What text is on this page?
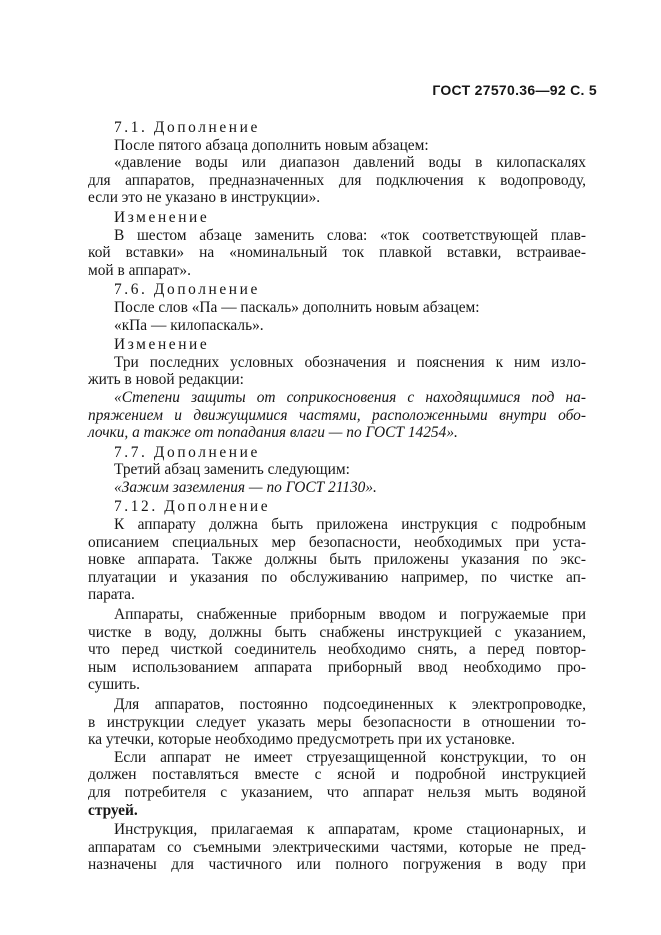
ГОСТ 27570.36—92 С. 5
7.1. Дополнение
После пятого абзаца дополнить новым абзацем:
«давление воды или диапазон давлений воды в килопаскалях
для аппаратов, предназначенных для подключения к водопроводу,
если это не указано в инструкции».
Изменение
В шестом абзаце заменить слова: «ток соответствующей плав-
кой вставки» на «номинальный ток плавкой вставки, встраивае-
мой в аппарат».
7.6. Дополнение
После слов «Па — паскаль» дополнить новым абзацем:
«кПа — килопаскаль».
Изменение
Три последних условных обозначения и пояснения к ним изло-
жить в новой редакции:
«Степени защиты от соприкосновения с находящимися под на-
пряжением и движущимися частями, расположенными внутри обо-
лочки, а также от попадания влаги — по ГОСТ 14254».
7.7. Дополнение
Третий абзац заменить следующим:
«Зажим заземления — по ГОСТ 21130».
7.12. Дополнение
К аппарату должна быть приложена инструкция с подробным
описанием специальных мер безопасности, необходимых при уста-
новке аппарата. Также должны быть приложены указания по экс-
плуатации и указания по обслуживанию например, по чистке ап-
парата.
Аппараты, снабженные приборным вводом и погружаемые при
чистке в воду, должны быть снабжены инструкцией с указанием,
что перед чисткой соединитель необходимо снять, а перед повтор-
ным использованием аппарата приборный ввод необходимо про-
сушить.
Для аппаратов, постоянно подсоединенных к электропроводке,
в инструкции следует указать меры безопасности в отношении то-
ка утечки, которые необходимо предусмотреть при их установке.
Если аппарат не имеет струезащищенной конструкции, то он
должен поставляться вместе с ясной и подробной инструкцией
для потребителя с указанием, что аппарат нельзя мыть водяной
струей.
Инструкция, прилагаемая к аппаратам, кроме стационарных, и
аппаратам со съемными электрическими частями, которые не пред-
назначены для частичного или полного погружения в воду при
